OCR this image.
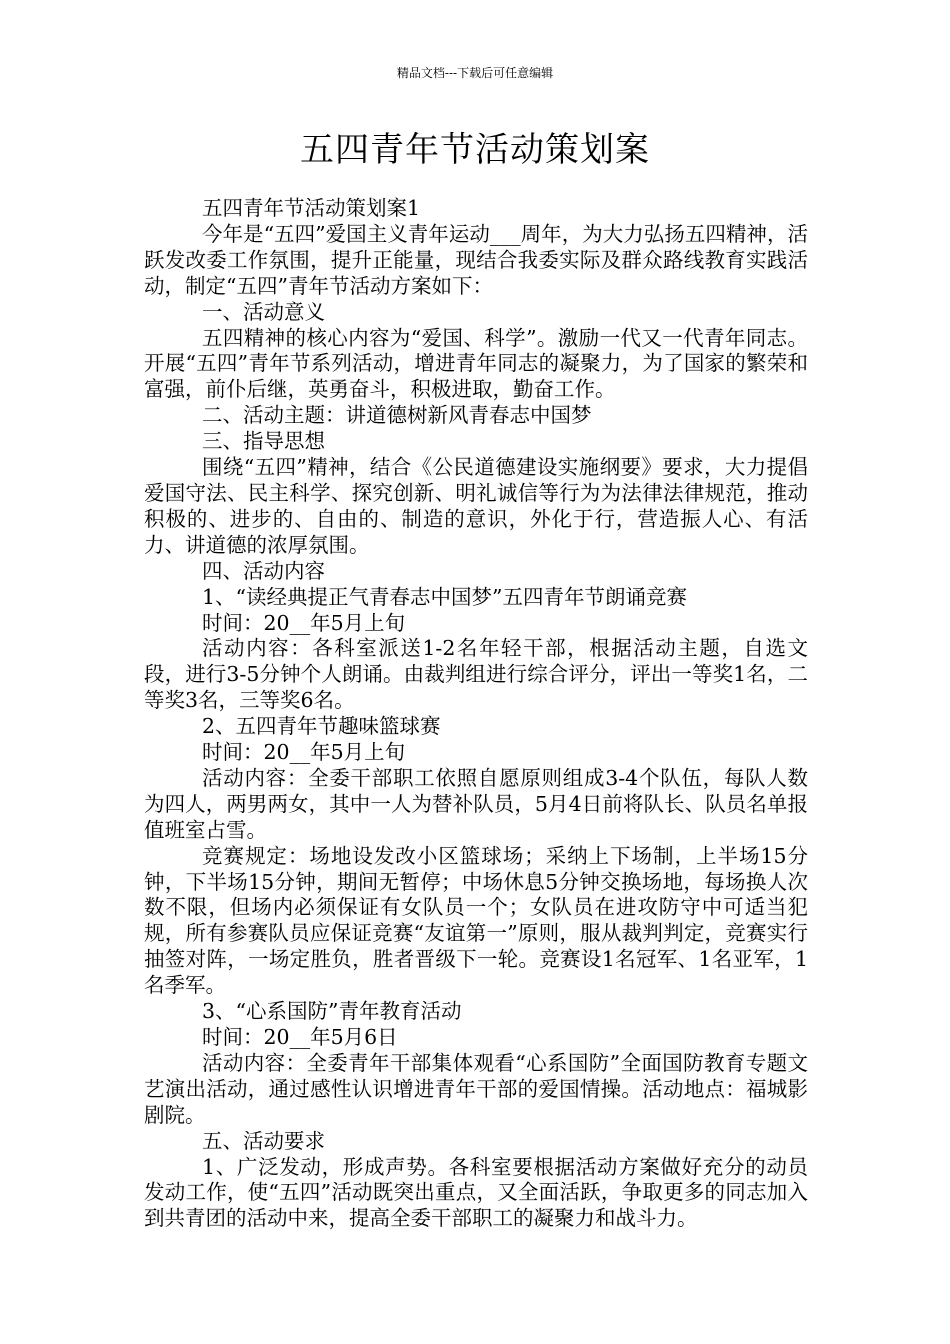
精品文档---下载后可任意编辑
五四青年节活动策划案

五四青年节活动策划案1

今年是“五四”爱国主义青年运动___周年，为大力弘扬五四精神，活跃发改委工作氛围，提升正能量，现结合我委实际及群众路线教育实践活动，制定“五四”青年节活动方案如下：

一、活动意义

五四精神的核心内容为“爱国、科学”。激励一代又一代青年同志。开展“五四”青年节系列活动，增进青年同志的凝聚力，为了国家的繁荣和富强，前仆后继，英勇奋斗，积极进取，勤奋工作。

二、活动主题：讲道德树新风青春志中国梦

三、指导思想

围绕“五四”精神，结合《公民道德建设实施纲要》要求，大力提倡爱国守法、民主科学、探究创新、明礼诚信等行为为法律法律规范，推动积极的、进步的、自由的、制造的意识，外化于行，营造振人心、有活力、讲道德的浓厚氛围。

四、活动内容

1、“读经典提正气青春志中国梦”五四青年节朗诵竞赛

时间：20__年5月上旬

活动内容：各科室派送1-2名年轻干部，根据活动主题，自选文段，进行3-5分钟个人朗诵。由裁判组进行综合评分，评出一等奖1名，二等奖3名，三等奖6名。

2、五四青年节趣味篮球赛

时间：20__年5月上旬

活动内容：全委干部职工依照自愿原则组成3-4个队伍，每队人数为四人，两男两女，其中一人为替补队员，5月4日前将队长、队员名单报值班室占雪。

竞赛规定：场地设发改小区篮球场；采纳上下场制，上半场15分钟，下半场15分钟，期间无暂停；中场休息5分钟交换场地，每场换人次数不限，但场内必须保证有女队员一个；女队员在进攻防守中可适当犯规，所有参赛队员应保证竞赛“友谊第一”原则，服从裁判判定，竞赛实行抽签对阵，一场定胜负，胜者晋级下一轮。竞赛设1名冠军、1名亚军，1名季军。

3、“心系国防”青年教育活动

时间：20__年5月6日

活动内容：全委青年干部集体观看“心系国防”全面国防教育专题文艺演出活动，通过感性认识增进青年干部的爱国情操。活动地点：福城影剧院。

五、活动要求

1、广泛发动，形成声势。各科室要根据活动方案做好充分的动员发动工作，使“五四”活动既突出重点，又全面活跃，争取更多的同志加入到共青团的活动中来，提高全委干部职工的凝聚力和战斗力。
